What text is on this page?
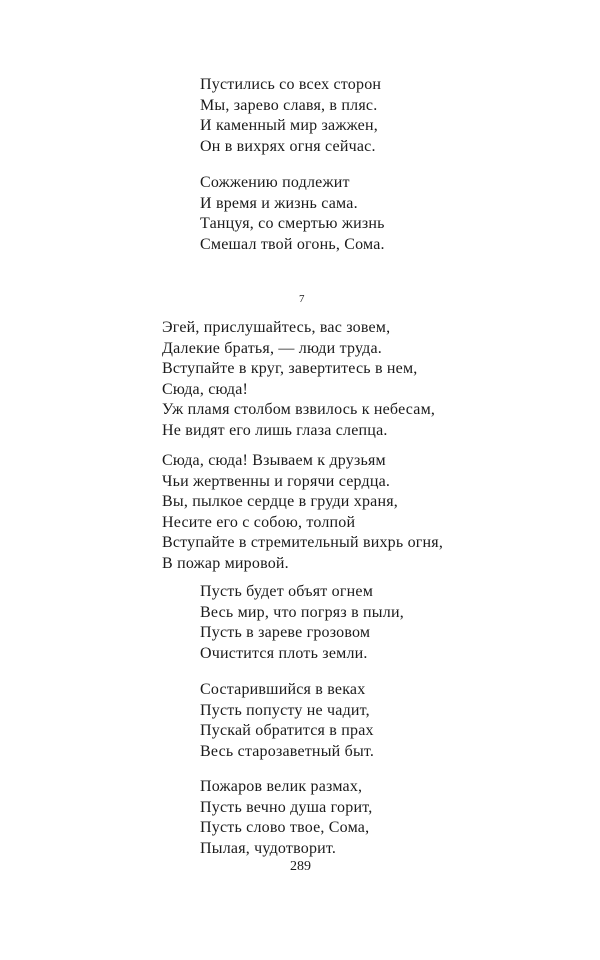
Пустились со всех сторон
Мы, зарево славя, в пляс.
И каменный мир зажжен,
Он в вихрях огня сейчас.
Сожжению подлежит
И время и жизнь сама.
Танцуя, со смертью жизнь
Смешал твой огонь, Сома.
7
Эгей, прислушайтесь, вас зовем,
Далекие братья, — люди труда.
Вступайте в круг, завертитесь в нем,
Сюда, сюда!
Уж пламя столбом взвилось к небесам,
Не видят его лишь глаза слепца.
Сюда, сюда! Взываем к друзьям
Чьи жертвенны и горячи сердца.
Вы, пылкое сердце в груди храня,
Несите его с собою, толпой
Вступайте в стремительный вихрь огня,
В пожар мировой.
Пусть будет объят огнем
Весь мир, что погряз в пыли,
Пусть в зареве грозовом
Очистится плоть земли.
Состарившийся в веках
Пусть попусту не чадит,
Пускай обратится в прах
Весь старозаветный быт.
Пожаров велик размах,
Пусть вечно душа горит,
Пусть слово твое, Сома,
Пылая, чудотворит.
289
